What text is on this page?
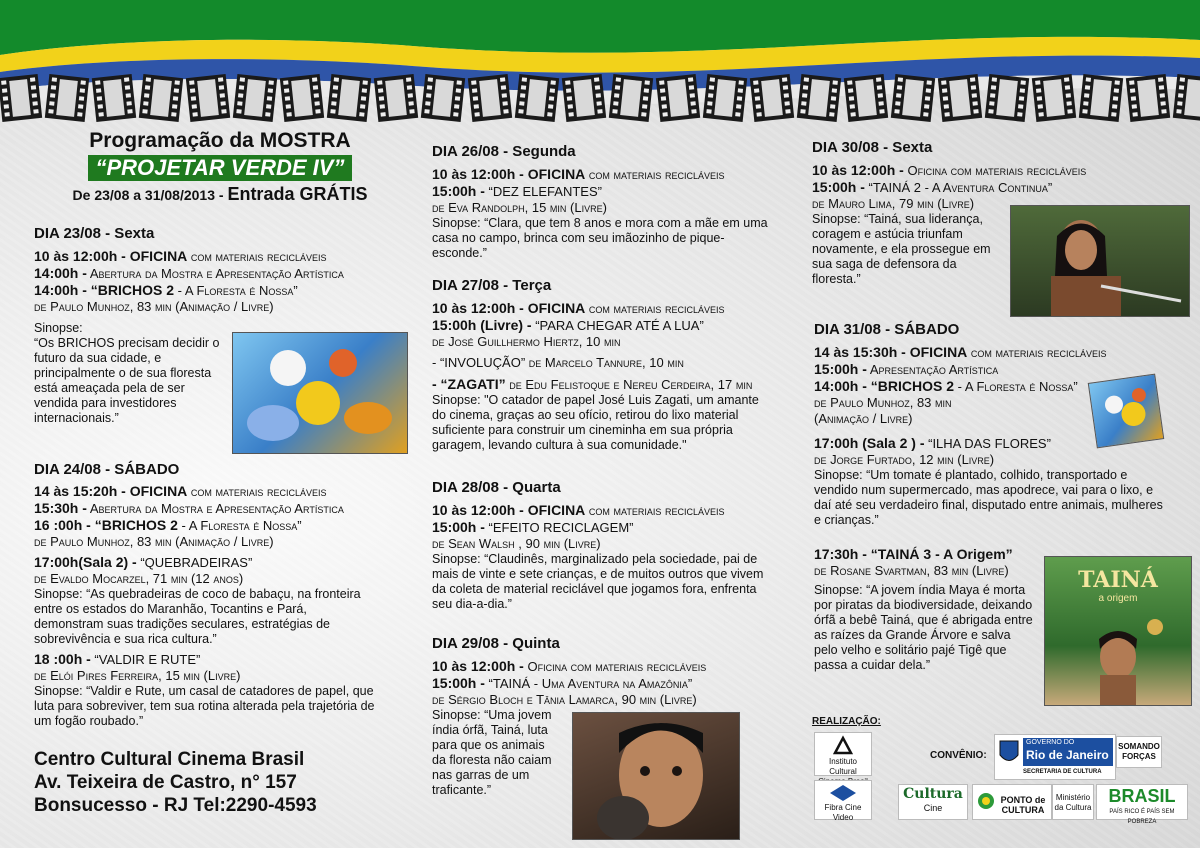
Programação da MOSTRA
“PROJETAR VERDE IV”
De 23/08 a 31/08/2013 - Entrada GRÁTIS
DIA 23/08 - Sexta
10 às 12:00h - OFICINA com materiais recicláveis
14:00h - Abertura da Mostra e Apresentação Artística
14:00h - “BRICHOS 2 - A Floresta é Nossa”
de Paulo Munhoz, 83 min (Animação / Livre)
Sinopse:
“Os BRICHOS precisam decidir o futuro da sua cidade, e principalmente o de sua floresta está ameaçada pela de ser vendida para investidores internacionais.”
DIA 24/08 - SÁBADO
14 às 15:20h - OFICINA com materiais recicláveis
15:30h - Abertura da Mostra e Apresentação Artística
16 :00h - “BRICHOS 2 - A Floresta é Nossa”
de Paulo Munhoz, 83 min (Animação / Livre)
17:00h(Sala 2) - “QUEBRADEIRAS”
de Evaldo Mocarzel, 71 min (12 anos)
Sinopse: “As quebradeiras de coco de babaçu, na fronteira entre os estados do Maranhão, Tocantins e Pará, demonstram suas tradições seculares, estratégias de sobrevivência e sua rica cultura.”
18 :00h - “VALDIR E RUTE”
de Elói Pires Ferreira, 15 min (Livre)
Sinopse: “Valdir e Rute, um casal de catadores de papel, que luta para sobreviver, tem sua rotina alterada pela trajetória de um fogão roubado.”
Centro Cultural Cinema Brasil
Av. Teixeira de Castro, n° 157
Bonsucesso - RJ Tel:2290-4593
DIA 26/08 - Segunda
10 às 12:00h - OFICINA com materiais recicláveis
15:00h - “DEZ ELEFANTES”
de Eva Randolph, 15 min (Livre)
Sinopse: “Clara, que tem 8 anos e mora com a mãe em uma casa no campo, brinca com seu imãozinho de pique-esconde.”
DIA 27/08 - Terça
10 às 12:00h - OFICINA com materiais recicláveis
15:00h (Livre) - “PARA CHEGAR ATÉ A LUA”
de José Guillhermo Hiertz, 10 min
- “INVOLUÇÃO” de Marcelo Tannure, 10 min
- “ZAGATI” de Edu Felistoque e Nereu Cerdeira, 17 min
Sinopse: "O catador de papel José Luis Zagati, um amante do cinema, graças ao seu ofício, retirou do lixo material suficiente para construir um cineminha em sua própria garagem, levando cultura à sua comunidade."
DIA 28/08 - Quarta
10 às 12:00h - OFICINA com materiais recicláveis
15:00h - “EFEITO RECICLAGEM”
de Sean Walsh , 90 min (Livre)
Sinopse: “Claudinês, marginalizado pela sociedade, pai de mais de vinte e sete crianças, e de muitos outros que vivem da coleta de material reciclável que jogamos fora, enfrenta seu dia-a-dia.”
DIA 29/08 - Quinta
10 às 12:00h - Oficina com materiais recicláveis
15:00h - “TAINÁ - Uma Aventura na Amazônia”
de Sérgio Bloch e Tânia Lamarca, 90 min (Livre)
Sinopse: “Uma jovem índia órfã, Tainá, luta para que os animais da floresta não caiam nas garras de um traficante.”
DIA 30/08 - Sexta
10 às 12:00h - Oficina com materiais recicláveis
15:00h - “TAINÁ 2 - A Aventura Continua”
de Mauro Lima, 79 min (Livre)
Sinopse: “Tainá, sua liderança, coragem e astúcia triunfam novamente, e ela prossegue em sua saga de defensora da floresta.”
DIA 31/08 - SÁBADO
14 às 15:30h - OFICINA com materiais recicláveis
15:00h - Apresentação Artística
14:00h - “BRICHOS 2 - A Floresta é Nossa”
de Paulo Munhoz, 83 min
(Animação / Livre)
17:00h (Sala 2 ) - “ILHA DAS FLORES”
de Jorge Furtado, 12 min (Livre)
Sinopse: “Um tomate é plantado, colhido, transportado e vendido num supermercado, mas apodrece, vai para o lixo, e daí até seu verdadeiro final, disputado entre animais, mulheres e crianças.”
17:30h - “TAINÁ 3 - A Origem”
de Rosane Svartman, 83 min (Livre)
Sinopse: “A jovem índia Maya é morta por piratas da biodiversidade, deixando órfã a bebê Tainá, que é abrigada entre as raízes da Grande Árvore e salva pelo velho e solitário pajé Tigê que passa a cuidar dela.”
TAINÁ
a origem
REALIZAÇÃO:
CONVÊNIO:
Instituto Cultural
Fibra Cine Video
Cultura
Cine
PONTO de CULTURA
Ministério da Cultura
BRASIL
PAÍS RICO É PAÍS SEM POBREZA
GOVERNO DO
Rio de Janeiro
SECRETARIA DE CULTURA
SOMANDO FORÇAS
